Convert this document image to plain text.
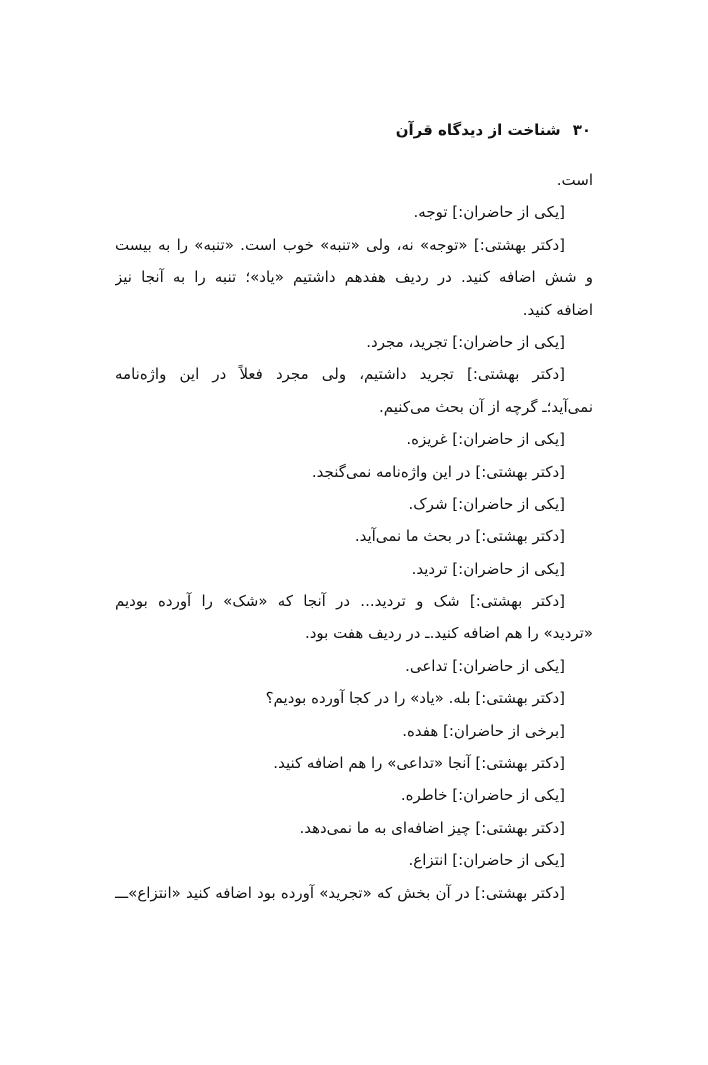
۳۰شناخت از دیدگاه قرآن
است.
[یکی از حاضران:] توجه.
[دکتر بهشتی:] «توجه» نه، ولی «تنبه» خوب است. «تنبه» را به بیست
و شش اضافه کنید. در ردیف هفدهم داشتیم «یاد»؛ تنبه را به آنجا نیز
اضافه کنید.
[یکی از حاضران:] تجرید، مجرد.
[دکتر بهشتی:] تجرید داشتیم، ولی مجرد فعلاً در این واژه‌نامه
نمی‌آید؛ـ گرچه از آن بحث می‌کنیم.
[یکی از حاضران:] غریزه.
[دکتر بهشتی:] در این واژه‌نامه نمی‌گنجد.
[یکی از حاضران:] شرک.
[دکتر بهشتی:] در بحث ما نمی‌آید.
[یکی از حاضران:] تردید.
[دکتر بهشتی:] شک و تردید... در آنجا که «شک» را آورده بودیم
«تردید» را هم اضافه کنید.ـ در ردیف هفت بود.
[یکی از حاضران:] تداعی.
[دکتر بهشتی:] بله. «یاد» را در کجا آورده بودیم؟
[برخی از حاضران:] هفده.
[دکتر بهشتی:] آنجا «تداعی» را هم اضافه کنید.
[یکی از حاضران:] خاطره.
[دکتر بهشتی:] چیز اضافه‌ای به ما نمی‌دهد.
[یکی از حاضران:] انتزاع.
[دکتر بهشتی:] در آن بخش که «تجرید» آورده بود اضافه کنید «انتزاع»ـــ
